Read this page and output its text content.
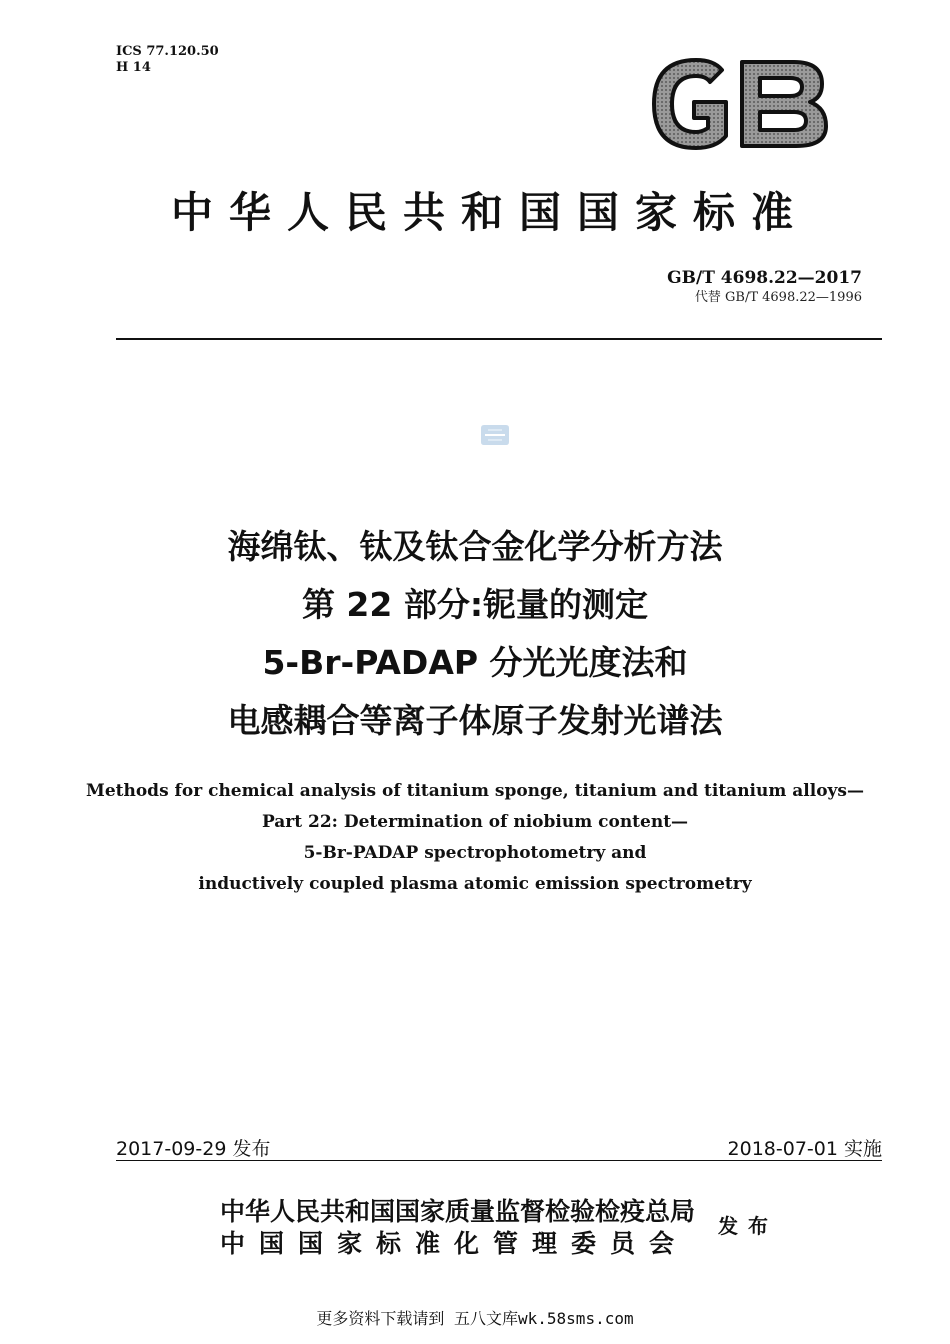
ICS 77.120.50
H 14
中华人民共和国国家标准
GB/T 4698.22—2017
代替 GB/T 4698.22—1996
海绵钛、钛及钛合金化学分析方法
第 22 部分:铌量的测定
5-Br-PADAP 分光光度法和
电感耦合等离子体原子发射光谱法
Methods for chemical analysis of titanium sponge, titanium and titanium alloys—
Part 22: Determination of niobium content—
5-Br-PADAP spectrophotometry and
inductively coupled plasma atomic emission spectrometry
2017-09-29 发布	2018-07-01 实施
中华人民共和国国家质量监督检验检疫总局
中国国家标准化管理委员会
发布
更多资料下载请到 五八文库wk.58sms.com
